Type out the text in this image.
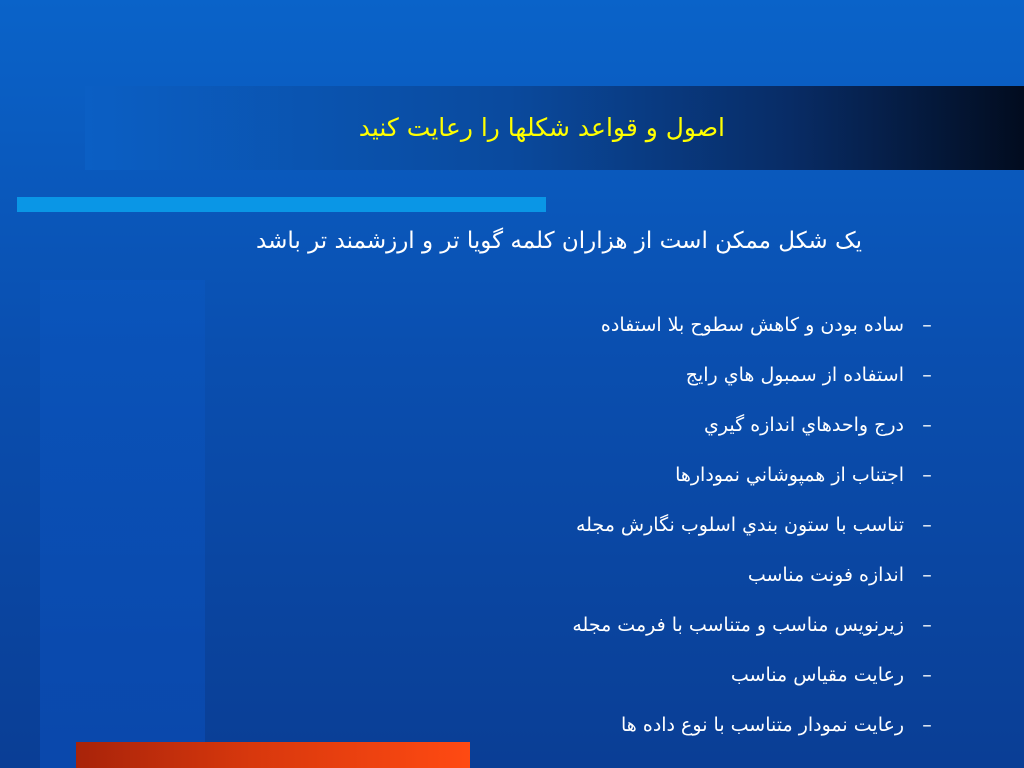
اصول و قواعد شکلها را رعایت کنید
یک شکل ممکن است از هزاران کلمه گویا تر و ارزشمند تر باشد
–
ساده بودن و کاهش سطوح بلا استفاده
–
استفاده از سمبول هاي رايج
–
درج واحدهاي اندازه گيري
–
اجتناب از همپوشاني نمودارها
–
تناسب با ستون بندي اسلوب نگارش مجله
–
اندازه فونت مناسب
–
زيرنويس مناسب و متناسب با فرمت مجله
–
رعایت مقیاس مناسب
–
رعایت نمودار متناسب با نوع داده ها
